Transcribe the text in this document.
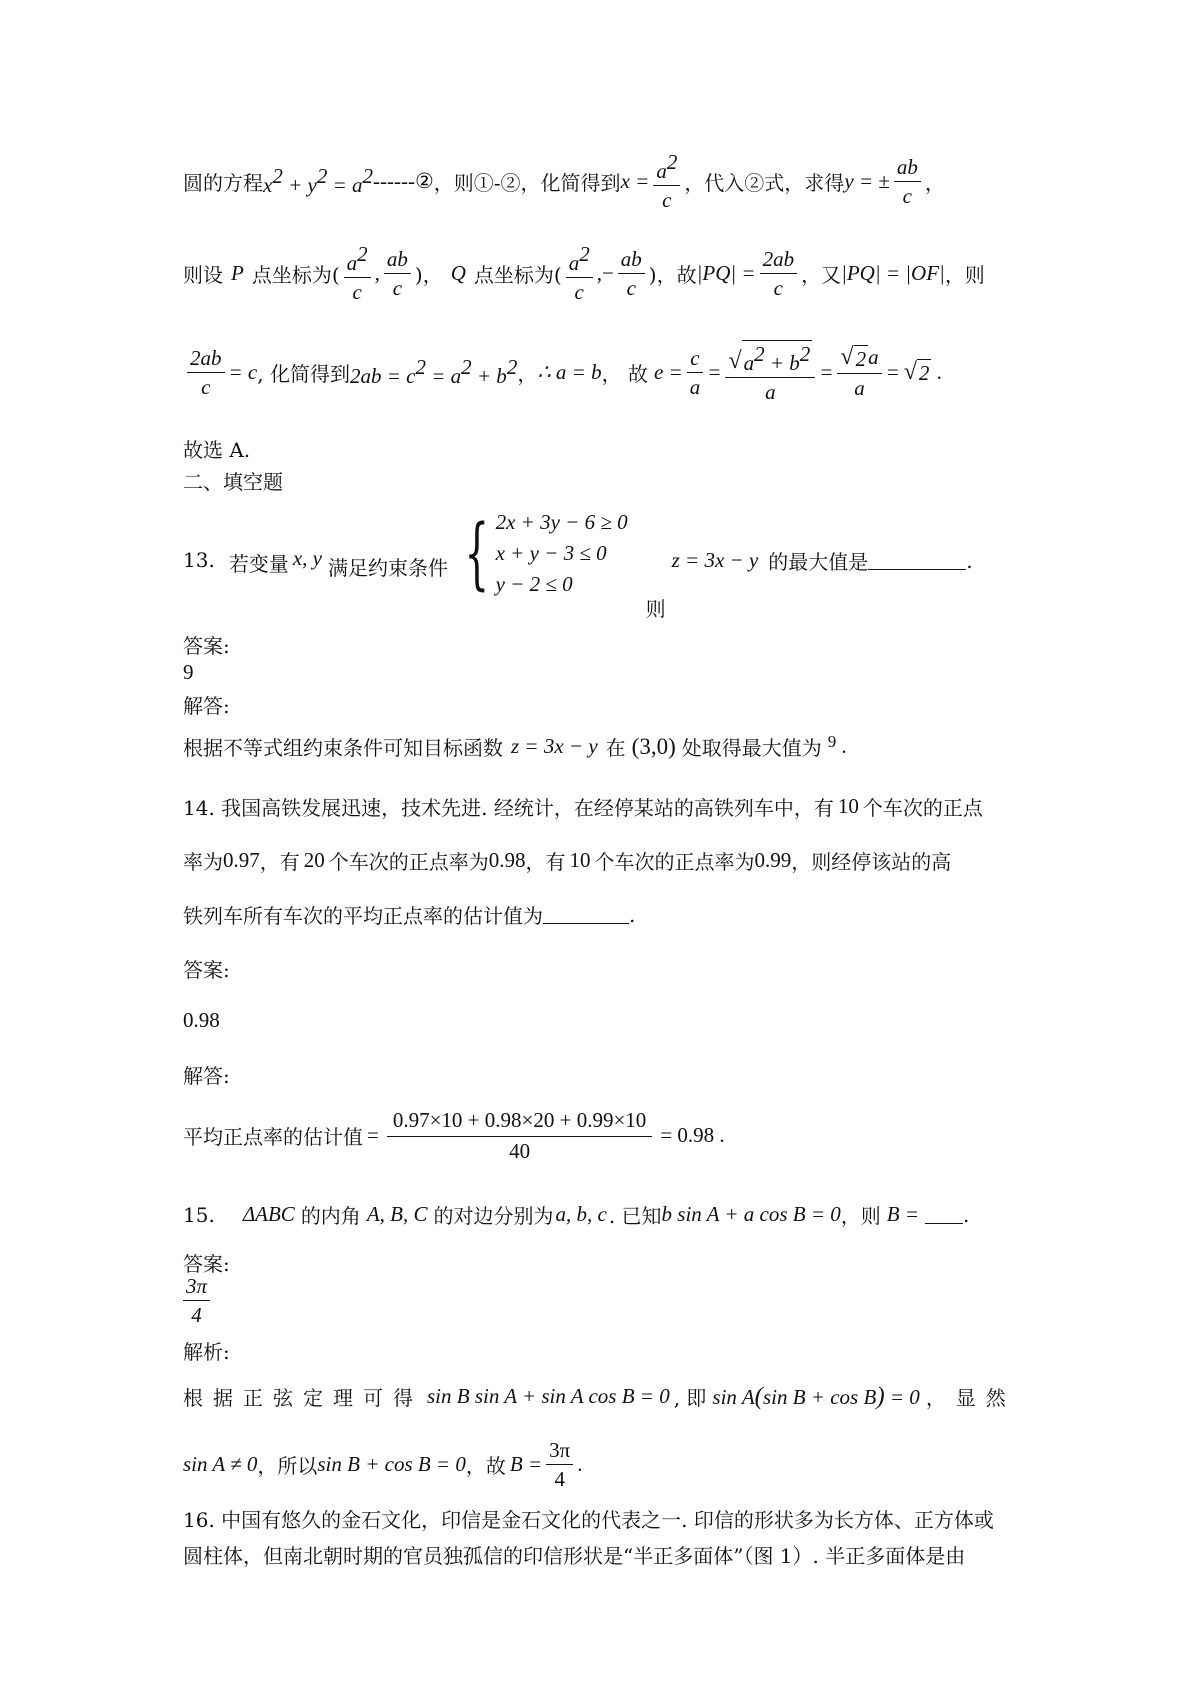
圆的方程 $x^2 + y^2 = a^2$ ------② ，则①-②，化简得到 $x = \frac{a^2}{c}$ ，代入②式，求得 y = ± $\frac{ab}{c}$ ，
则设 P 点坐标为( $\frac{a^2}{c}$ , $\frac{ab}{c}$ )， Q 点坐标为( $\frac{a^2}{c}$ ,− $\frac{ab}{c}$ )，故 $|PQ| = \frac{2ab}{c}$ ，又 |PQ| = |OF| ，则
$\frac{2ab}{c} = c$ , 化简得到 $2ab = c^2 = a^2 + b^2$ ， ∴ a = b ， 故 $e = \frac{c}{a} = \frac{√ a^2 + b^2}{a} = \frac{√ 2 a}{a}$ = √ 2 .
故选 A.
二、填空题
13. 若变量 x, y 满足约束条件 { 2x + 3y − 6 ≥ 0
x + y − 3 ≤ 0
y − 2 ≤ 0
z = 3x − y 的最大值是	.
则
答案:
9
解答:
根据不等式组约束条件可知目标函数 z = 3x − y 在 (3,0) 处取得最大值为 9 .
14. 我国高铁发展迅速，技术先进. 经统计，在经停某站的高铁列车中，有 10 个车次的正点
率为 0.97 ，有 20 个车次的正点率为 0.98 ，有 10 个车次的正点率为 0.99 ，则经停该站的高
铁列车所有车次的平均正点率的估计值为	.
答案:
0.98
解答:
平均正点率的估计值 = $\frac{0.97\times 10 + 0.98\times 20 + 0.99\times 10}{40} = 0.98$ .
15. ΔABC 的内角 A, B, C 的对边分别为 a, b, c . 已知 b sin A + a cos B = 0 ，则 B = .
答案:
$\frac{3\pi}{4}$
解析:
根据正弦定理可得 sin B sin A + sin A cos B = 0 , 即 sin A(sin B + cos B) = 0 ，显然
sin A ≠ 0 ，所以 sin B + cos B = 0 ，故 $B = \frac{3\pi}{4}$ .
16. 中国有悠久的金石文化，印信是金石文化的代表之一. 印信的形状多为长方体、正方体或
圆柱体，但南北朝时期的官员独孤信的印信形状是“半正多面体”（图 1）. 半正多面体是由
